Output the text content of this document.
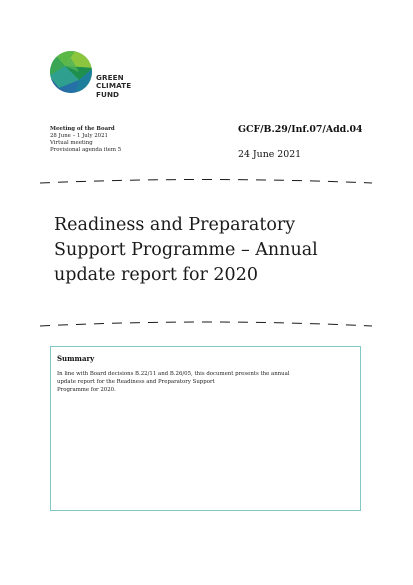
GREEN
CLIMATE
FUND
Meeting of the Board
28 June – 1 July 2021
Virtual meeting
Provisional agenda item 5
GCF/B.29/Inf.07/Add.04
24 June 2021
Readiness and Preparatory
Support Programme – Annual
update report for 2020
Summary
In line with Board decisions B.22/11 and B.26/05, this document presents the annual
update report for the Readiness and Preparatory Support
Programme for 2020.
